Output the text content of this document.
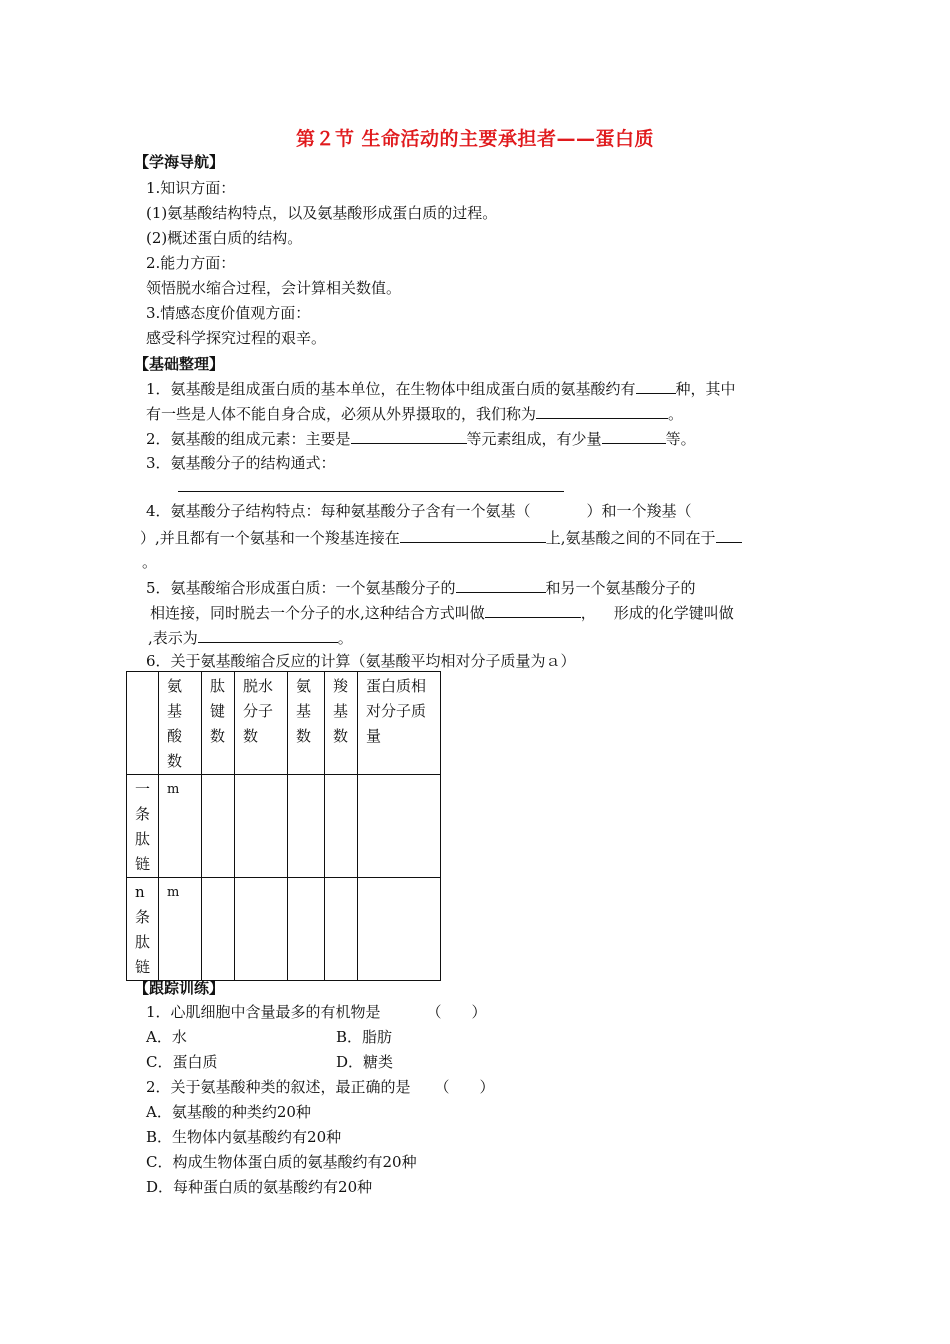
第２节 生命活动的主要承担者——蛋白质
【学海导航】
1.知识方面：
(1)氨基酸结构特点，以及氨基酸形成蛋白质的过程。
(2)概述蛋白质的结构。
2.能力方面：
领悟脱水缩合过程，会计算相关数值。
3.情感态度价值观方面：
感受科学探究过程的艰辛。
【基础整理】
1．氨基酸是组成蛋白质的基本单位，在生物体中组成蛋白质的氨基酸约有	种，其中
有一些是人体不能自身合成，必须从外界摄取的，我们称为	。
2．氨基酸的组成元素：主要是	等元素组成，有少量	等。
3．氨基酸分子的结构通式：
4．氨基酸分子结构特点：每种氨基酸分子含有一个氨基（	）和一个羧基（
）,并且都有一个氨基和一个羧基连接在	上,氨基酸之间的不同在于
。
5．氨基酸缩合形成蛋白质：一个氨基酸分子的	和另一个氨基酸分子的
相连接，同时脱去一个分子的水,这种结合方式叫做	， 形成的化学键叫做
,表示为	。
6．关于氨基酸缩合反应的计算（氨基酸平均相对分子质量为ａ）

	氨基酸数	肽键数	脱水分子数	氨基数	羧基数	蛋白质相对分子质量

一条肽链	m					

n条肽链	m					
【跟踪训练】
1．心肌细胞中含量最多的有机物是	（　　）
A．水	B．脂肪
C．蛋白质	D．糖类
2．关于氨基酸种类的叙述，最正确的是 （　　）
A．氨基酸的种类约20种
B．生物体内氨基酸约有20种
C．构成生物体蛋白质的氨基酸约有20种
D．每种蛋白质的氨基酸约有20种
